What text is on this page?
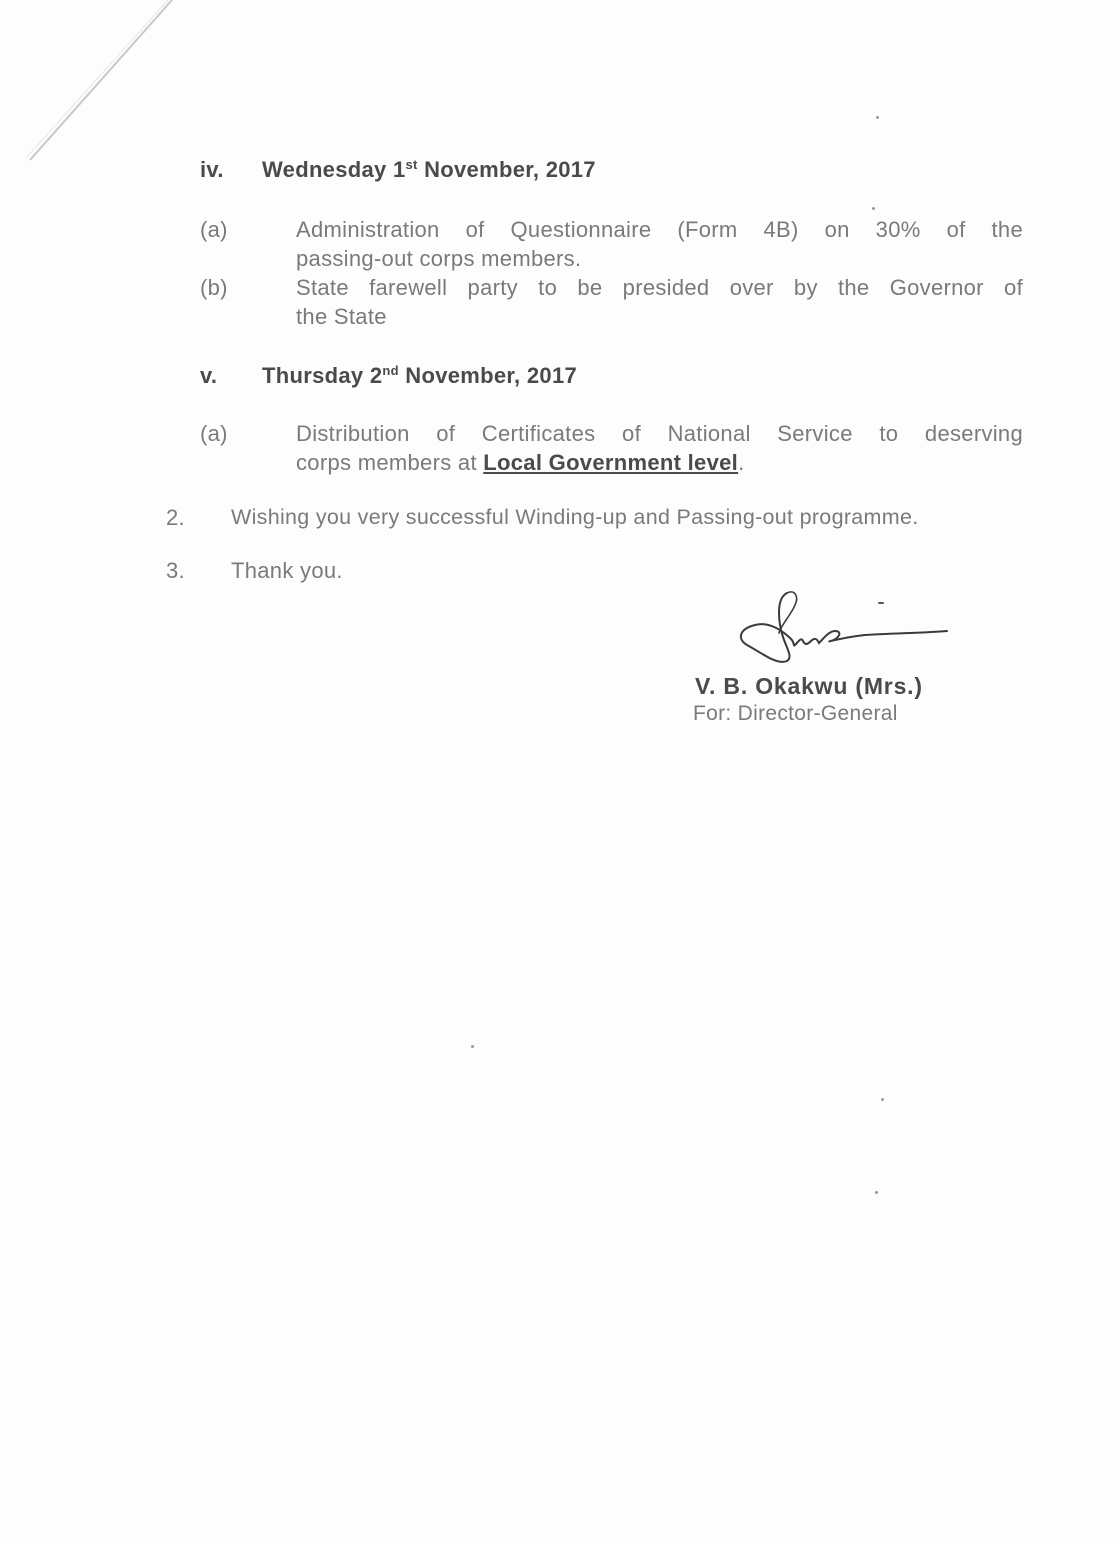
iv. Wednesday 1st November, 2017
(a)	Administration of Questionnaire (Form 4B) on 30% of the
passing-out corps members.
(b)	State farewell party to be presided over by the Governor of
the State
v. Thursday 2nd November, 2017
(a)	Distribution of Certificates of National Service to deserving
corps members at Local Government level.
2. Wishing you very successful Winding-up and Passing-out programme.
3. Thank you.
V. B. Okakwu (Mrs.)
For: Director-General
